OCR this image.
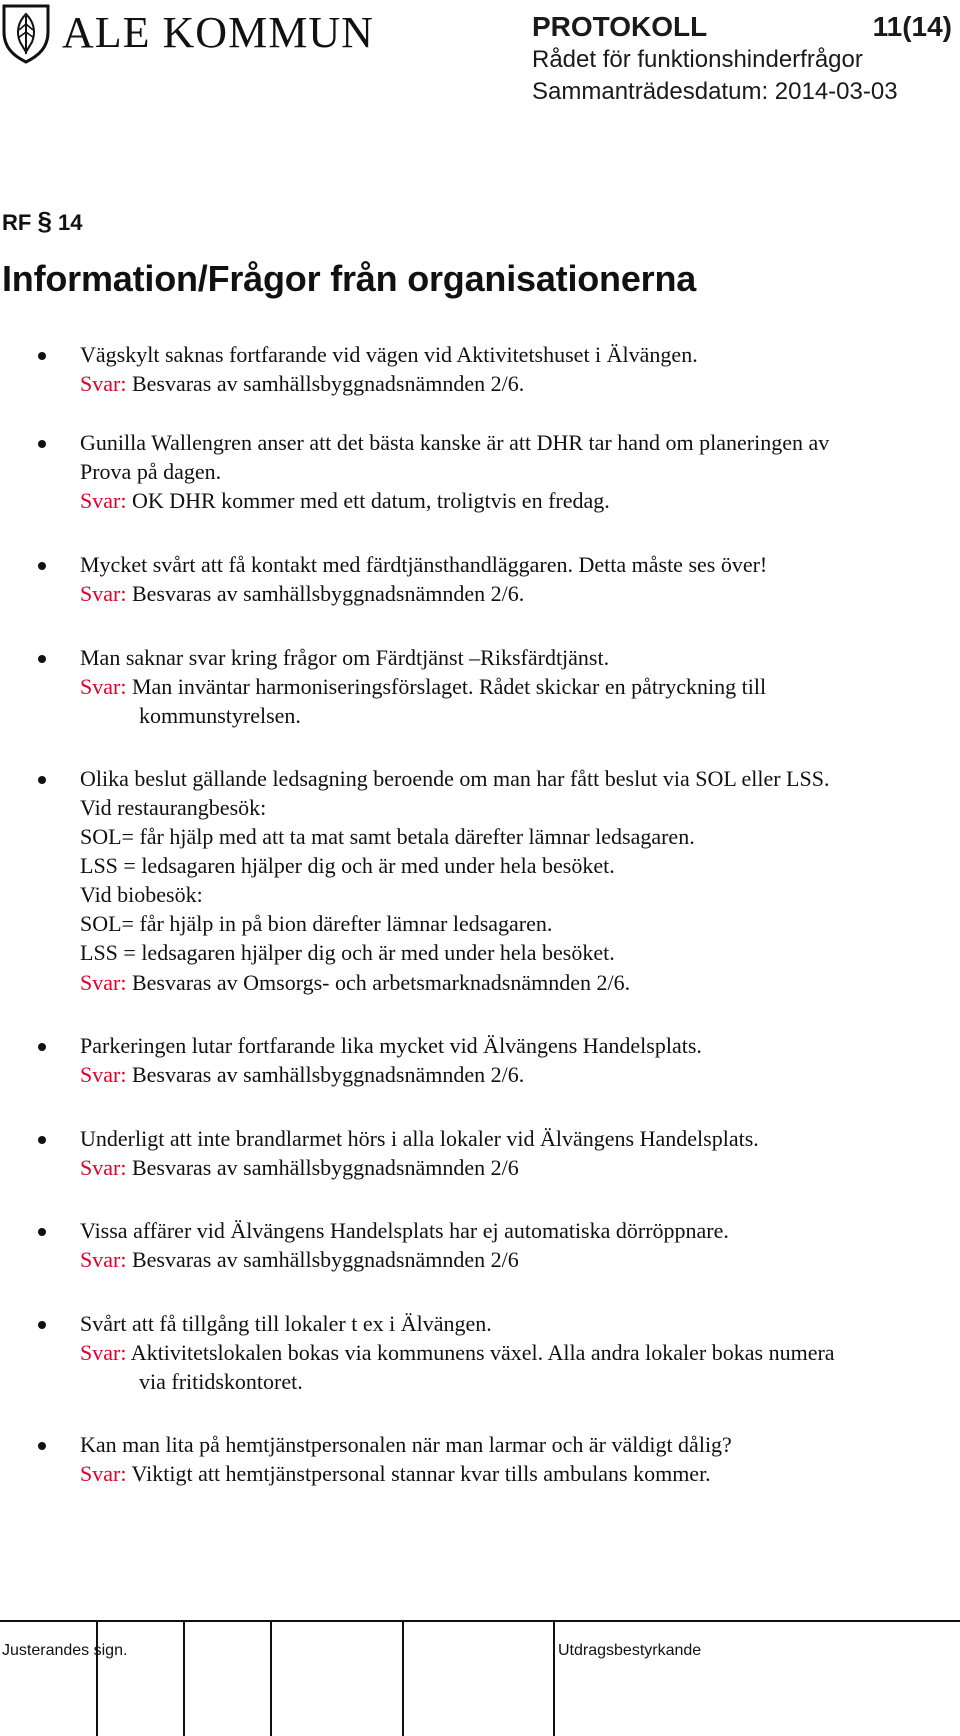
ALE KOMMUN	PROTOKOLL	11(14)
Rådet för funktionshinderfrågor
Sammanträdesdatum: 2014-03-03
RF § 14
Information/Frågor från organisationerna
Vägskylt saknas fortfarande vid vägen vid Aktivitetshuset i Älvängen.
Svar: Besvaras av samhällsbyggnadsnämnden 2/6.
Gunilla Wallengren anser att det bästa kanske är att DHR tar hand om planeringen av
Prova på dagen.
Svar: OK DHR kommer med ett datum, troligtvis en fredag.
Mycket svårt att få kontakt med färdtjänsthandläggaren. Detta måste ses över!
Svar: Besvaras av samhällsbyggnadsnämnden 2/6.
Man saknar svar kring frågor om Färdtjänst –Riksfärdtjänst.
Svar: Man inväntar harmoniseringsförslaget. Rådet skickar en påtryckning till
kommunstyrelsen.
Olika beslut gällande ledsagning beroende om man har fått beslut via SOL eller LSS.
Vid restaurangbesök:
SOL= får hjälp med att ta mat samt betala därefter lämnar ledsagaren.
LSS = ledsagaren hjälper dig och är med under hela besöket.
Vid biobesök:
SOL= får hjälp in på bion därefter lämnar ledsagaren.
LSS = ledsagaren hjälper dig och är med under hela besöket.
Svar: Besvaras av Omsorgs- och arbetsmarknadsnämnden 2/6.
Parkeringen lutar fortfarande lika mycket vid Älvängens Handelsplats.
Svar: Besvaras av samhällsbyggnadsnämnden 2/6.
Underligt att inte brandlarmet hörs i alla lokaler vid Älvängens Handelsplats.
Svar: Besvaras av samhällsbyggnadsnämnden 2/6
Vissa affärer vid Älvängens Handelsplats har ej automatiska dörröppnare.
Svar: Besvaras av samhällsbyggnadsnämnden 2/6
Svårt att få tillgång till lokaler t ex i Älvängen.
Svar: Aktivitetslokalen bokas via kommunens växel. Alla andra lokaler bokas numera
via fritidskontoret.
Kan man lita på hemtjänstpersonalen när man larmar och är väldigt dålig?
Svar: Viktigt att hemtjänstpersonal stannar kvar tills ambulans kommer.
Justerandes sign.	Utdragsbestyrkande
